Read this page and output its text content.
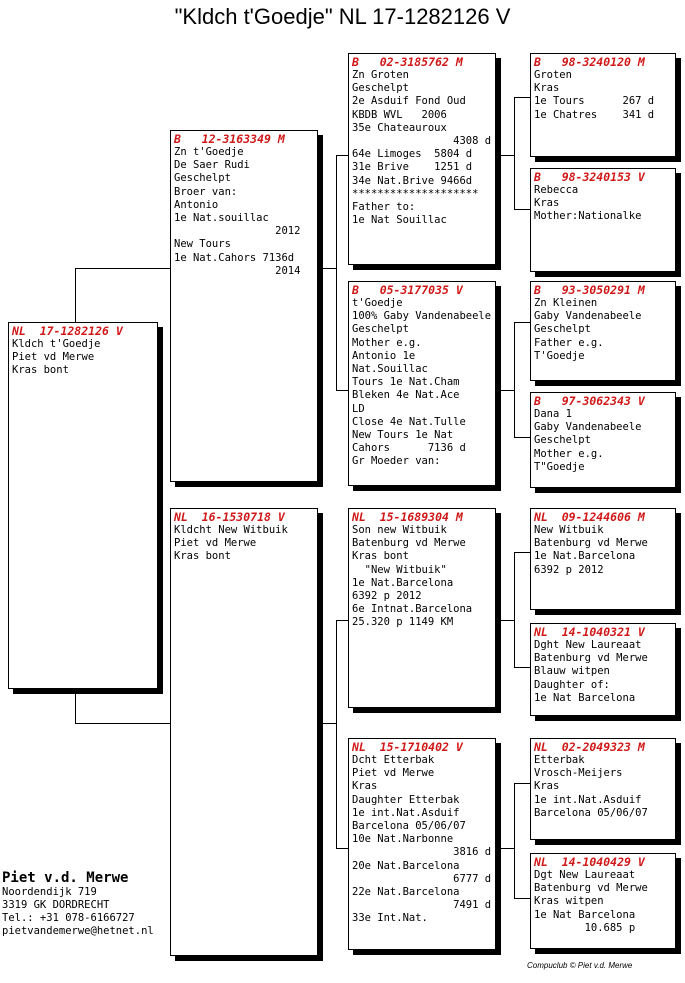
"Kldch t'Goedje" NL 17-1282126 V
NL  17-1282126 V
Kldch t'Goedje
Piet vd Merwe
Kras bont
B   12-3163349 M
Zn t'Goedje
De Saer Rudi
Geschelpt
Broer van:
Antonio
1e Nat.souillac
2012
New Tours
1e Nat.Cahors 7136d
2014
NL  16-1530718 V
Kldcht New Witbuik
Piet vd Merwe
Kras bont
B   02-3185762 M
Zn Groten
Geschelpt
2e Asduif Fond Oud
KBDB WVL   2006
35e Chateauroux
4308 d
64e Limoges  5804 d
31e Brive    1251 d
34e Nat.Brive 9466d
********************
Father to:
1e Nat Souillac
B   05-3177035 V
t'Goedje
100% Gaby Vandenabeele
Geschelpt
Mother e.g.
Antonio 1e
Nat.Souillac
Tours 1e Nat.Cham
Bleken 4e Nat.Ace
LD
Close 4e Nat.Tulle
New Tours 1e Nat
Cahors      7136 d
Gr Moeder van:
NL  15-1689304 M
Son new Witbuik
Batenburg vd Merwe
Kras bont
"New Witbuik"
1e Nat.Barcelona
6392 p 2012
6e Intnat.Barcelona
25.320 p 1149 KM
NL  15-1710402 V
Dcht Etterbak
Piet vd Merwe
Kras
Daughter Etterbak
1e int.Nat.Asduif
Barcelona 05/06/07
10e Nat.Narbonne
3816 d
20e Nat.Barcelona
6777 d
22e Nat.Barcelona
7491 d
33e Int.Nat.
B   98-3240120 M
Groten
Kras
1e Tours      267 d
1e Chatres    341 d
B   98-3240153 V
Rebecca
Kras
Mother:Nationalke
B   93-3050291 M
Zn Kleinen
Gaby Vandenabeele
Geschelpt
Father e.g.
T'Goedje
B   97-3062343 V
Dana 1
Gaby Vandenabeele
Geschelpt
Mother e.g.
T"Goedje
NL  09-1244606 M
New Witbuik
Batenburg vd Merwe
1e Nat.Barcelona
6392 p 2012
NL  14-1040321 V
Dght New Laureaat
Batenburg vd Merwe
Blauw witpen
Daughter of:
1e Nat Barcelona
NL  02-2049323 M
Etterbak
Vrosch-Meijers
Kras
1e int.Nat.Asduif
Barcelona 05/06/07
NL  14-1040429 V
Dgt New Laureaat
Batenburg vd Merwe
Kras witpen
1e Nat Barcelona
10.685 p
Piet v.d. Merwe
Noordendijk 719
3319 GK DORDRECHT
Tel.: +31 078-6166727
pietvandemerwe@hetnet.nl
Compuclub © Piet v.d. Merwe
